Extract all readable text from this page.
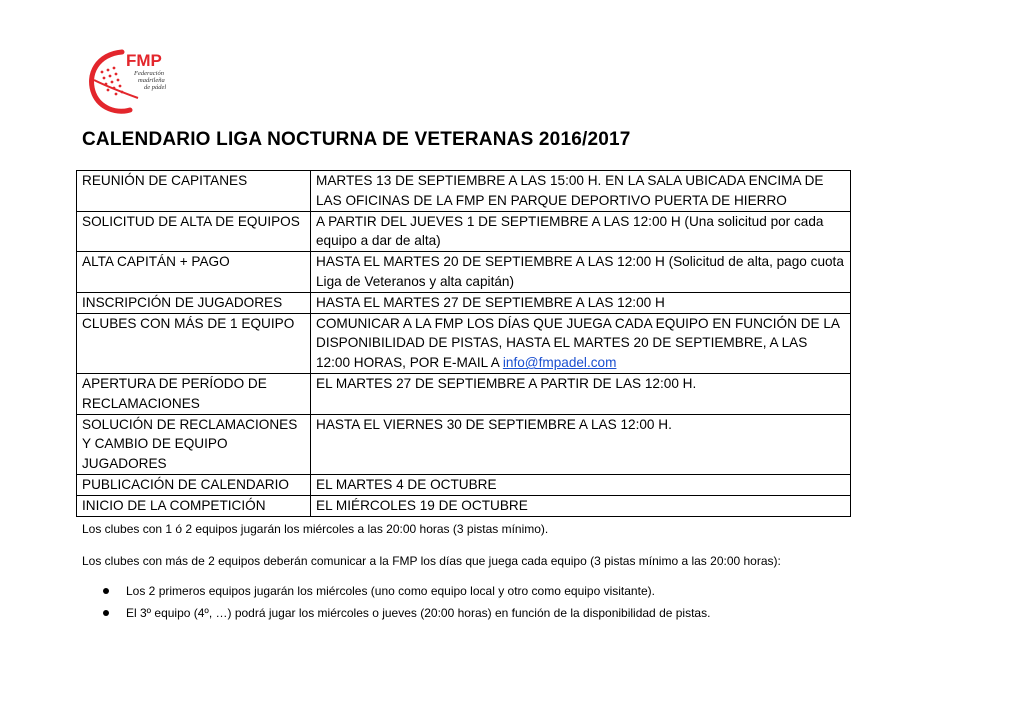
FMP
Federación
madrileña
de pádel
CALENDARIO LIGA NOCTURNA DE VETERANAS 2016/2017
REUNIÓN DE CAPITANES	MARTES 13 DE SEPTIEMBRE A LAS 15:00 H. EN LA SALA UBICADA ENCIMA DE LAS OFICINAS DE LA FMP EN PARQUE DEPORTIVO PUERTA DE HIERRO
SOLICITUD DE ALTA DE EQUIPOS	A PARTIR DEL JUEVES 1 DE SEPTIEMBRE A LAS 12:00 H (Una solicitud por cada equipo a dar de alta)
ALTA CAPITÁN + PAGO	HASTA EL MARTES 20 DE SEPTIEMBRE A LAS 12:00 H (Solicitud de alta, pago cuota Liga de Veteranos y alta capitán)
INSCRIPCIÓN DE JUGADORES	HASTA EL MARTES 27 DE SEPTIEMBRE A LAS 12:00 H
CLUBES CON MÁS DE 1 EQUIPO	COMUNICAR A LA FMP LOS DÍAS QUE JUEGA CADA EQUIPO EN FUNCIÓN DE LA DISPONIBILIDAD DE PISTAS, HASTA EL MARTES 20 DE SEPTIEMBRE, A LAS 12:00 HORAS, POR E-MAIL A info@fmpadel.com
APERTURA DE PERÍODO DE RECLAMACIONES	EL MARTES 27 DE SEPTIEMBRE A PARTIR DE LAS 12:00 H.
SOLUCIÓN DE RECLAMACIONES Y CAMBIO DE EQUIPO JUGADORES	HASTA EL VIERNES 30 DE SEPTIEMBRE A LAS 12:00 H.
PUBLICACIÓN DE CALENDARIO	EL MARTES 4 DE OCTUBRE
INICIO DE LA COMPETICIÓN	EL MIÉRCOLES 19 DE OCTUBRE
Los clubes con 1 ó 2 equipos jugarán los miércoles a las 20:00 horas (3 pistas mínimo).
Los clubes con más de 2 equipos deberán comunicar a la FMP los días que juega cada equipo (3 pistas mínimo a las 20:00 horas):
Los 2 primeros equipos jugarán los miércoles (uno como equipo local y otro como equipo visitante).
El 3º equipo (4º, …) podrá jugar los miércoles o jueves (20:00 horas) en función de la disponibilidad de pistas.
